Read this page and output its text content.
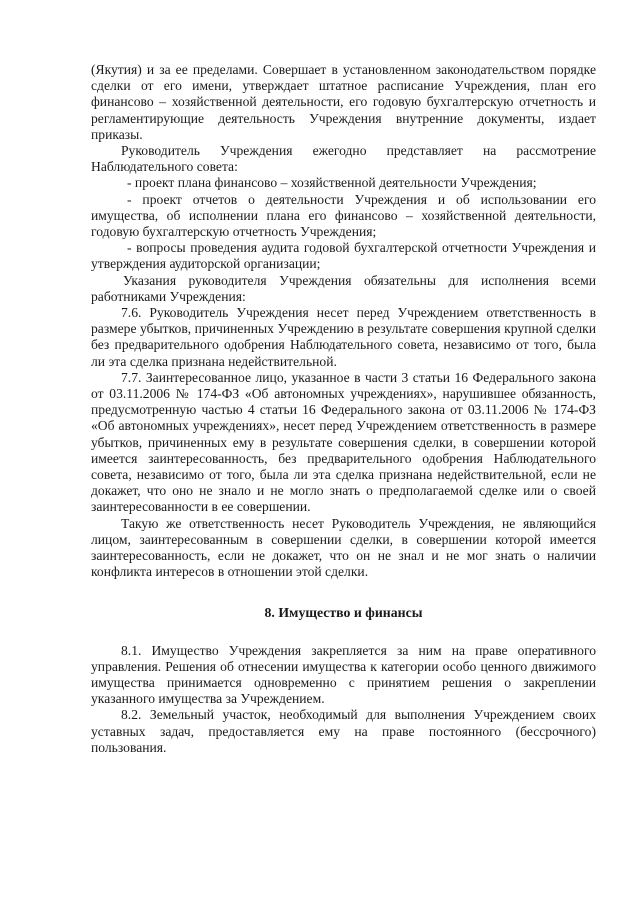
(Якутия) и за ее пределами. Совершает в установленном законодательством порядке сделки от его имени, утверждает штатное расписание Учреждения, план его финансово – хозяйственной деятельности, его годовую бухгалтерскую отчетность и регламентирующие деятельность Учреждения внутренние документы, издает приказы.

Руководитель Учреждения ежегодно представляет на рассмотрение Наблюдательного совета:

- проект плана финансово – хозяйственной деятельности Учреждения;

- проект отчетов о деятельности Учреждения и об использовании его имущества, об исполнении плана его финансово – хозяйственной деятельности, годовую бухгалтерскую отчетность Учреждения;

- вопросы проведения аудита годовой бухгалтерской отчетности Учреждения и утверждения аудиторской организации;

Указания руководителя Учреждения обязательны для исполнения всеми работниками Учреждения:

7.6. Руководитель Учреждения несет перед Учреждением ответственность в размере убытков, причиненных Учреждению в результате совершения крупной сделки без предварительного одобрения Наблюдательного совета, независимо от того, была ли эта сделка признана недействительной.

7.7. Заинтересованное лицо, указанное в части 3 статьи 16 Федерального закона от 03.11.2006 № 174-ФЗ «Об автономных учреждениях», нарушившее обязанность, предусмотренную частью 4 статьи 16 Федерального закона от 03.11.2006 № 174-ФЗ «Об автономных учреждениях», несет перед Учреждением ответственность в размере убытков, причиненных ему в результате совершения сделки, в совершении которой имеется заинтересованность, без предварительного одобрения Наблюдательного совета, независимо от того, была ли эта сделка признана недействительной, если не докажет, что оно не знало и не могло знать о предполагаемой сделке или о своей заинтересованности в ее совершении.

Такую же ответственность несет Руководитель Учреждения, не являющийся лицом, заинтересованным в совершении сделки, в совершении которой имеется заинтересованность, если не докажет, что он не знал и не мог знать о наличии конфликта интересов в отношении этой сделки.

8. Имущество и финансы

8.1. Имущество Учреждения закрепляется за ним на праве оперативного управления. Решения об отнесении имущества к категории особо ценного движимого имущества принимается одновременно с принятием решения о закреплении указанного имущества за Учреждением.

8.2. Земельный участок, необходимый для выполнения Учреждением своих уставных задач, предоставляется ему на праве постоянного (бессрочного) пользования.
